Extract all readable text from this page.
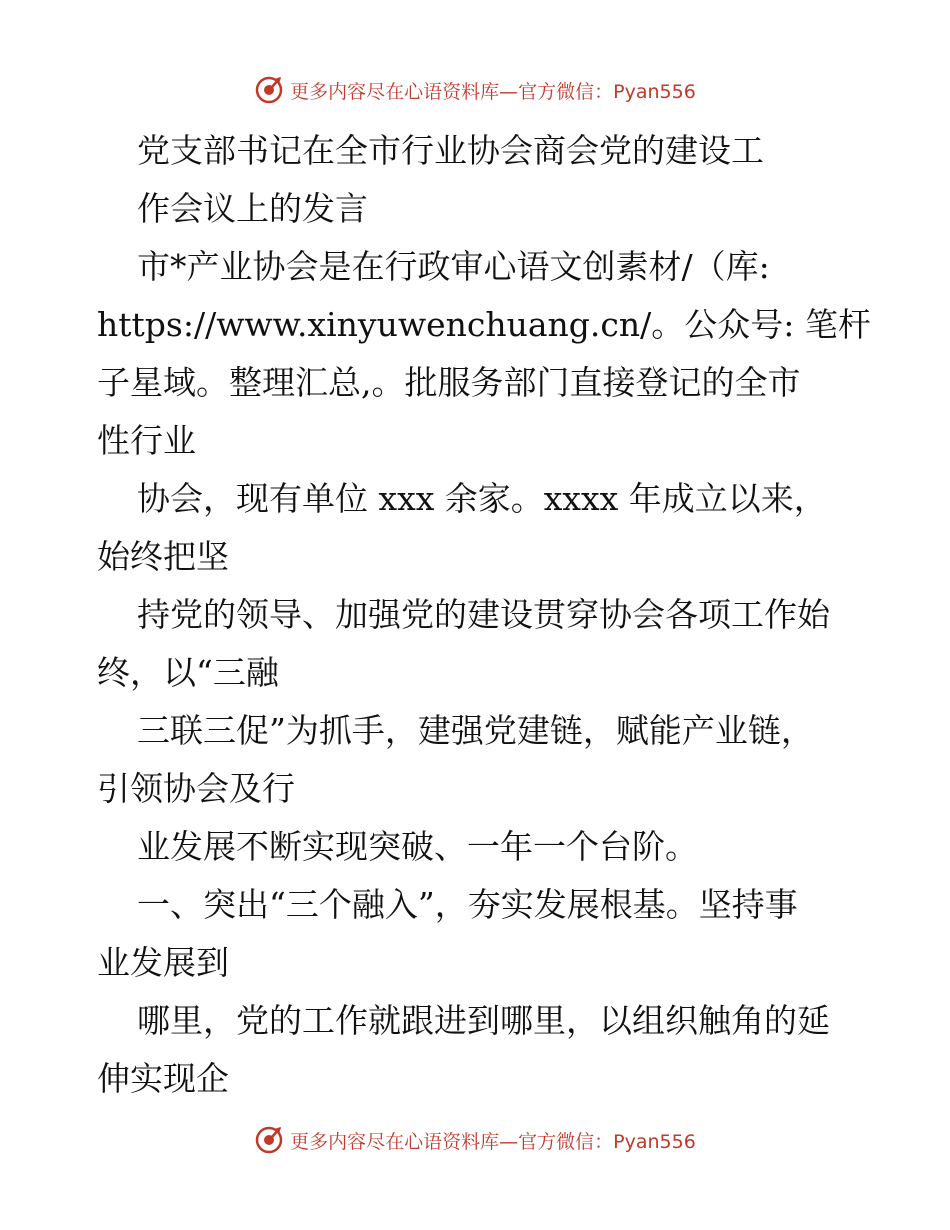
更多内容尽在心语资料库—官方微信：Pyan556
党支部书记在全市行业协会商会党的建设工
作会议上的发言
市*产业协会是在行政审心语文创素材/（库:
https://www.xinyuwenchuang.cn/。公众号: 笔杆
子星域。整理汇总,。批服务部门直接登记的全市
性行业
协会，现有单位 xxx 余家。xxxx 年成立以来，
始终把坚
持党的领导、加强党的建设贯穿协会各项工作始
终，以“三融
三联三促”为抓手，建强党建链，赋能产业链，
引领协会及行
业发展不断实现突破、一年一个台阶。
一、突出“三个融入”，夯实发展根基。坚持事
业发展到
哪里，党的工作就跟进到哪里，以组织触角的延
伸实现企
更多内容尽在心语资料库—官方微信：Pyan556
